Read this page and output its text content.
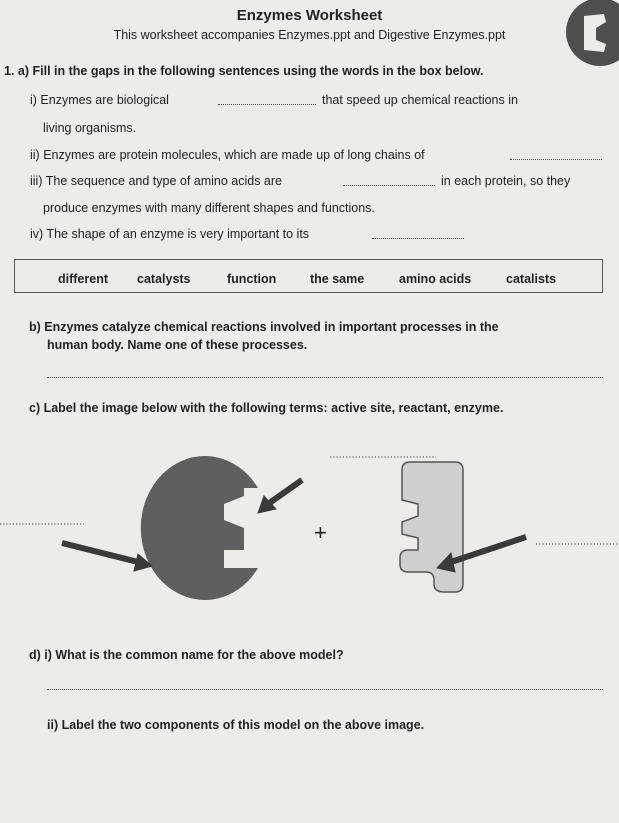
Enzymes Worksheet
This worksheet accompanies Enzymes.ppt and Digestive Enzymes.ppt
1. a) Fill in the gaps in the following sentences using the words in the box below.
i) Enzymes are biological	that speed up chemical reactions in
living organisms.
ii) Enzymes are protein molecules, which are made up of long chains of
iii) The sequence and type of amino acids are	in each protein, so they
produce enzymes with many different shapes and functions.
iv) The shape of an enzyme is very important to its
different catalysts	function	the same	amino acids	catalists
b) Enzymes catalyze chemical reactions involved in important processes in the
human body. Name one of these processes.
c) Label the image below with the following terms: active site, reactant, enzyme.
+
d) i) What is the common name for the above model?
ii) Label the two components of this model on the above image.
